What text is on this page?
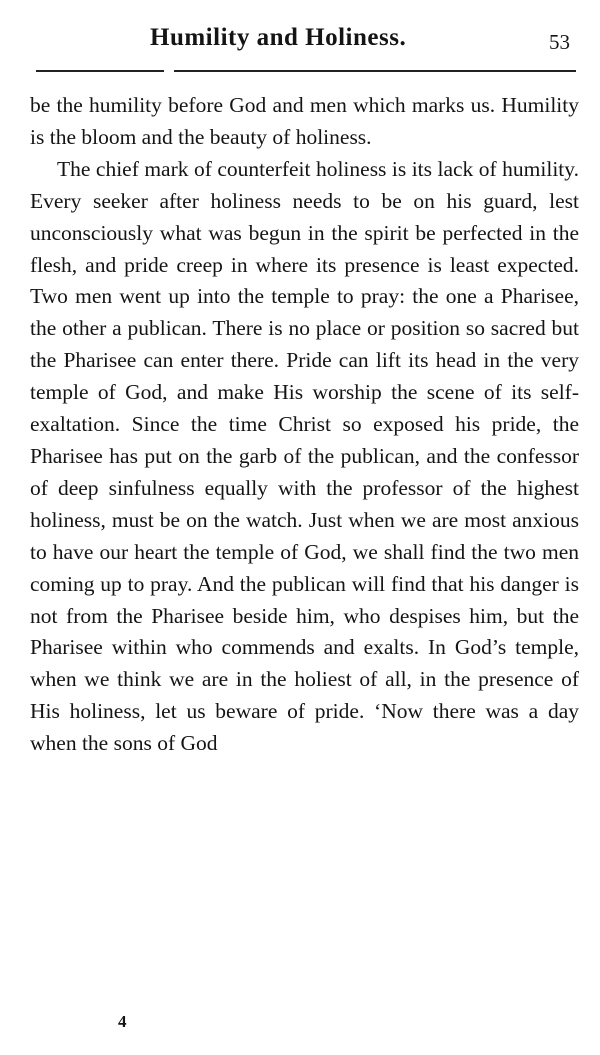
Humility and Holiness.	53

be the humility before God and men which marks us. Humility is the bloom and the beauty of holiness.

The chief mark of counterfeit holiness is its lack of humility. Every seeker after holiness needs to be on his guard, lest unconsciously what was begun in the spirit be perfected in the flesh, and pride creep in where its presence is least expected. Two men went up into the temple to pray: the one a Pharisee, the other a publican. There is no place or position so sacred but the Pharisee can enter there. Pride can lift its head in the very temple of God, and make His worship the scene of its self-exaltation. Since the time Christ so exposed his pride, the Pharisee has put on the garb of the publican, and the confessor of deep sinfulness equally with the professor of the highest holiness, must be on the watch. Just when we are most anxious to have our heart the temple of God, we shall find the two men coming up to pray. And the publican will find that his danger is not from the Pharisee beside him, who despises him, but the Pharisee within who commends and exalts. In God’s temple, when we think we are in the holiest of all, in the presence of His holiness, let us beware of pride. ‘Now there was a day when the sons of God

4
